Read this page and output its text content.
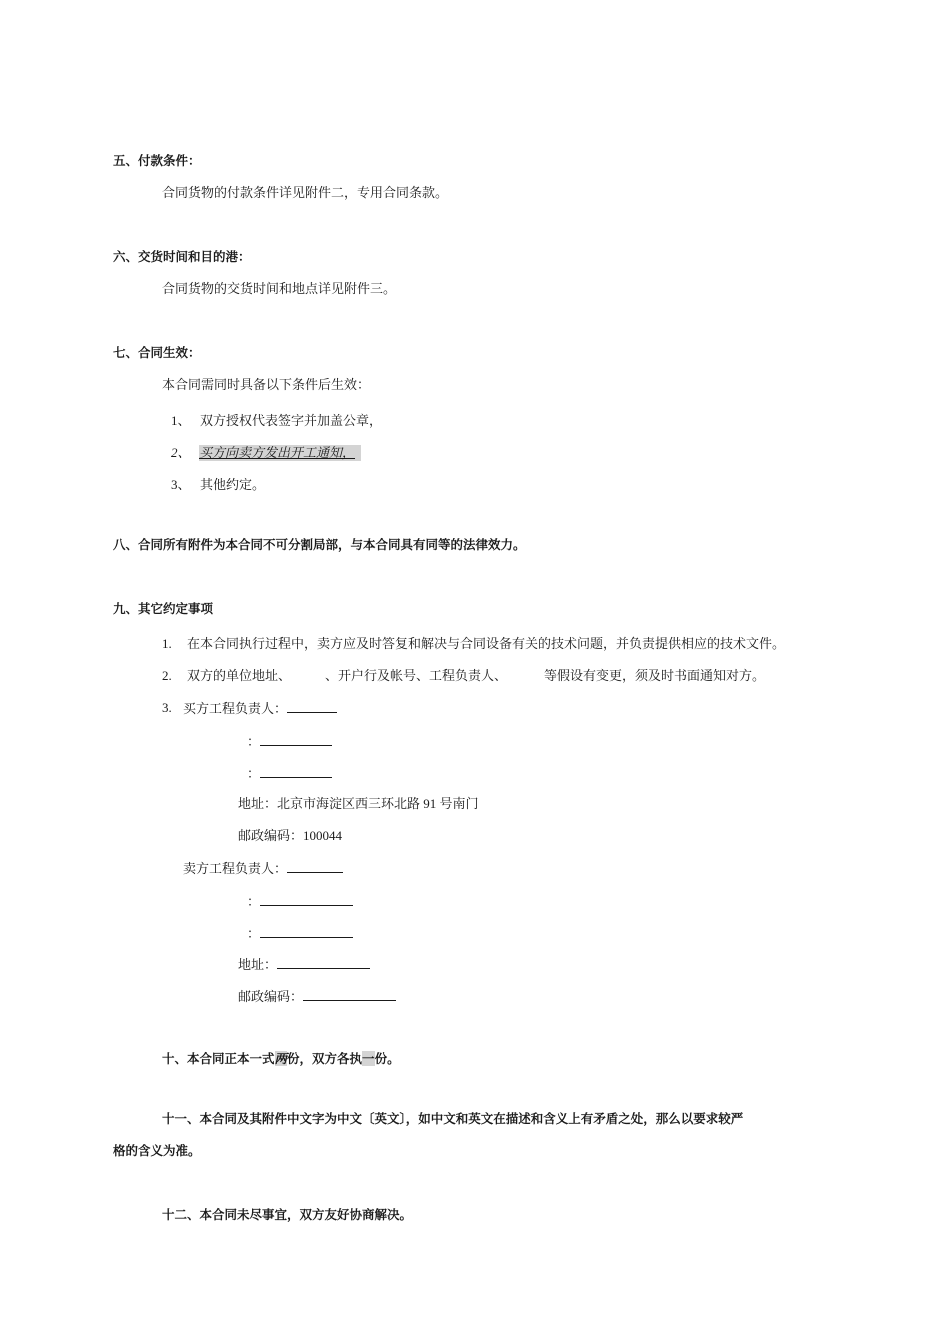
五、付款条件：
合同货物的付款条件详见附件二，专用合同条款。
六、交货时间和目的港：
合同货物的交货时间和地点详见附件三。
七、合同生效：
本合同需同时具备以下条件后生效：
1、 双方授权代表签字并加盖公章，
2、 买方向卖方发出开工通知，
3、 其他约定。
八、合同所有附件为本合同不可分割局部，与本合同具有同等的法律效力。
九、其它约定事项
1. 在本合同执行过程中，卖方应及时答复和解决与合同设备有关的技术问题，并负责提供相应的技术文件。
2. 双方的单位地址、	、开户行及帐号、工程负责人、	等假设有变更，须及时书面通知对方。
3. 买方工程负责人：
：
：
地址：北京市海淀区西三环北路 91 号南门
邮政编码：100044
卖方工程负责人：
：
：
地址：
邮政编码：
十、本合同正本一式两份，双方各执一份。
十一、本合同及其附件中文字为中文〔英文〕，如中文和英文在描述和含义上有矛盾之处，那么以要求较严
格的含义为准。
十二、本合同未尽事宜，双方友好协商解决。
